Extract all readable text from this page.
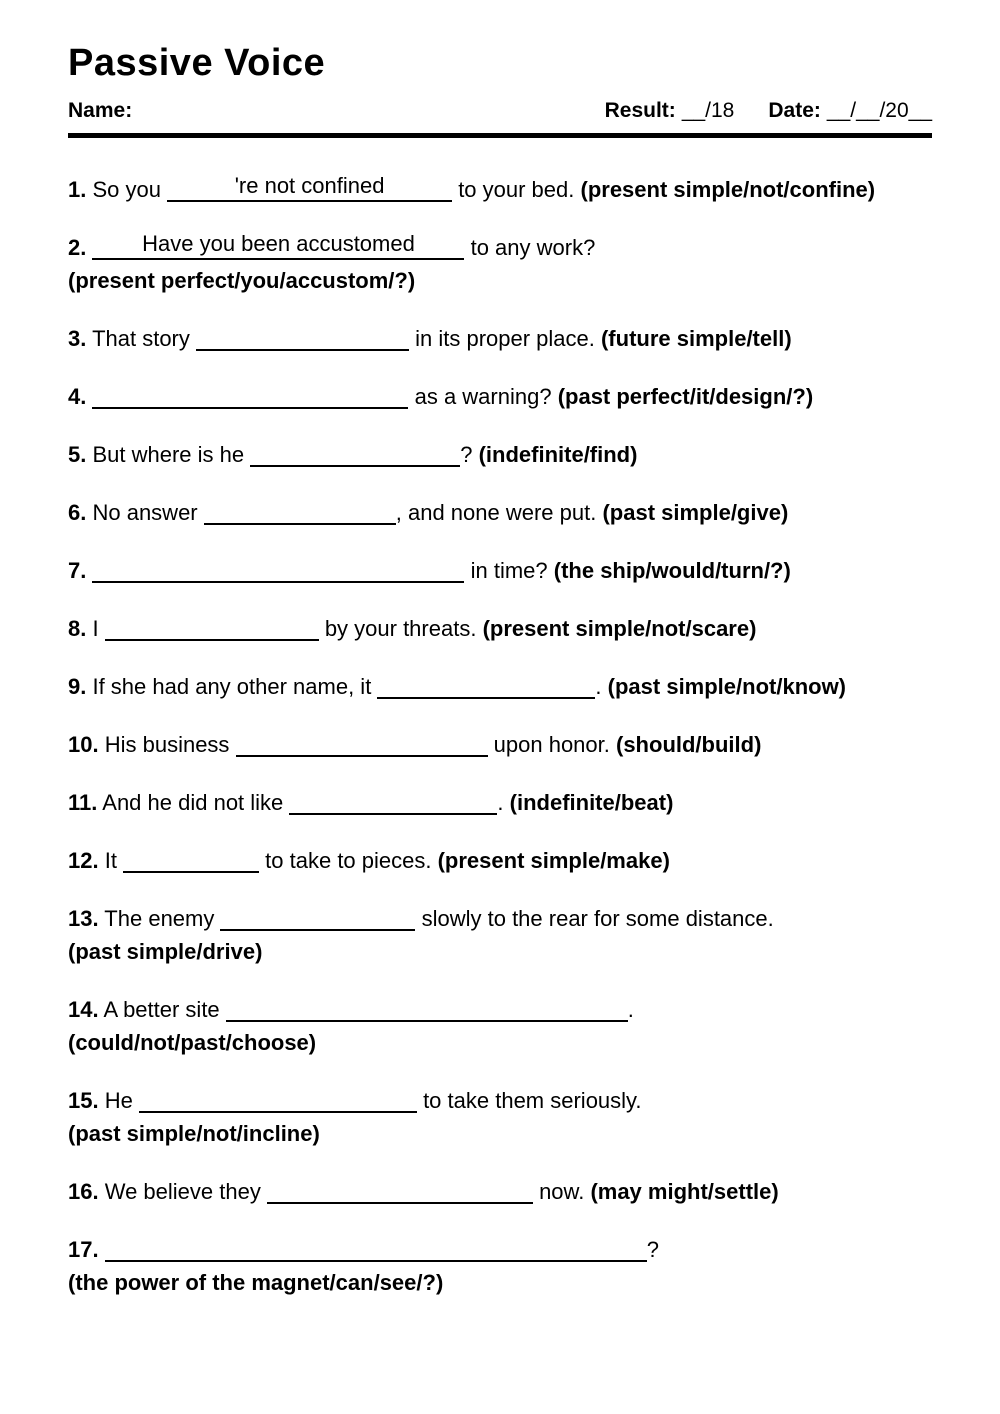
Passive Voice
Name:	Result: __/18 Date: __/__/20__

1. So you	're not confined	to your bed. (present simple/not/confine)

2.	Have you been accustomed to any work?
(present perfect/you/accustom/?)

3. That story	in its proper place. (future simple/tell)

4.	as a warning? (past perfect/it/design/?)

5. But where is he	? (indefinite/find)

6. No answer	, and none were put. (past simple/give)

7.	in time? (the ship/would/turn/?)

8. I	by your threats. (present simple/not/scare)

9. If she had any other name, it	. (past simple/not/know)

10. His business	upon honor. (should/build)

11. And he did not like	. (indefinite/beat)

12. It	to take to pieces. (present simple/make)

13. The enemy	slowly to the rear for some distance.
(past simple/drive)

14. A better site	.
(could/not/past/choose)

15. He	to take them seriously.
(past simple/not/incline)

16. We believe they	now. (may might/settle)

17.	?
(the power of the magnet/can/see/?)
